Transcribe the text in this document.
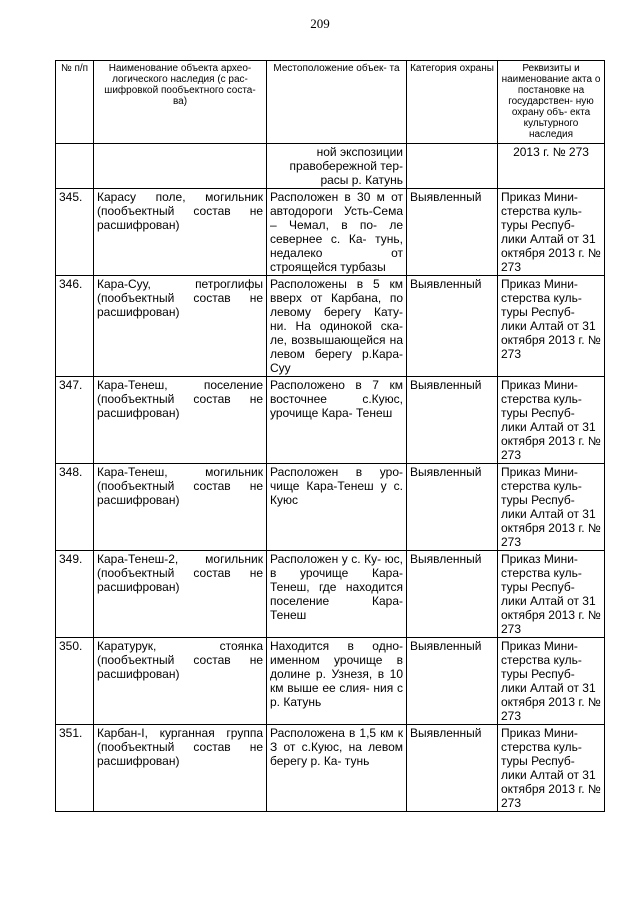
209
№ п/п	Наименование объекта архео- логического наследия (с рас- шифровкой пообъектного соста- ва)	Местоположение объек- та	Категория охраны	Реквизиты и наименование акта о постановке на государствен- ную охрану объ- екта культурного наследия
		ной экспозиции правобережной тер- расы р. Катунь		2013 г. № 273
345.	Карасу поле, могильник (пообъектный состав не расшифрован)	Расположен в 30 м от автодороги Усть-Сема – Чемал, в по- ле севернее с. Ка- тунь, недалеко от строящейся турбазы	Выявленный	Приказ Мини- стерства куль- туры Респуб- лики Алтай от 31 октября 2013 г. № 273
346.	Кара-Суу, петроглифы (пообъектный состав не расшифрован)	Расположены в 5 км вверх от Карбана, по левому берегу Кату- ни. На одинокой ска- ле, возвышающейся на левом берегу р.Кара-Суу	Выявленный	Приказ Мини- стерства куль- туры Респуб- лики Алтай от 31 октября 2013 г. № 273
347.	Кара-Тенеш, поселение (пообъектный состав не расшифрован)	Расположено в 7 км восточнее с.Куюс, урочище Кара- Тенеш	Выявленный	Приказ Мини- стерства куль- туры Респуб- лики Алтай от 31 октября 2013 г. № 273
348.	Кара-Тенеш, могильник (пообъектный состав не расшифрован)	Расположен в уро- чище Кара-Тенеш у с. Куюс	Выявленный	Приказ Мини- стерства куль- туры Респуб- лики Алтай от 31 октября 2013 г. № 273
349.	Кара-Тенеш-2, могильник (пообъектный состав не расшифрован)	Расположен у с. Ку- юс, в урочище Кара- Тенеш, где находится поселение Кара- Тенеш	Выявленный	Приказ Мини- стерства куль- туры Респуб- лики Алтай от 31 октября 2013 г. № 273
350.	Каратурук, стоянка (пообъектный состав не расшифрован)	Находится в одно- именном урочище в долине р. Узнезя, в 10 км выше ее слия- ния с р. Катунь	Выявленный	Приказ Мини- стерства куль- туры Респуб- лики Алтай от 31 октября 2013 г. № 273
351.	Карбан-I, курганная группа (пообъектный состав не расшифрован)	Расположена в 1,5 км к З от с.Куюс, на левом берегу р. Ка- тунь	Выявленный	Приказ Мини- стерства куль- туры Респуб- лики Алтай от 31 октября 2013 г. № 273
